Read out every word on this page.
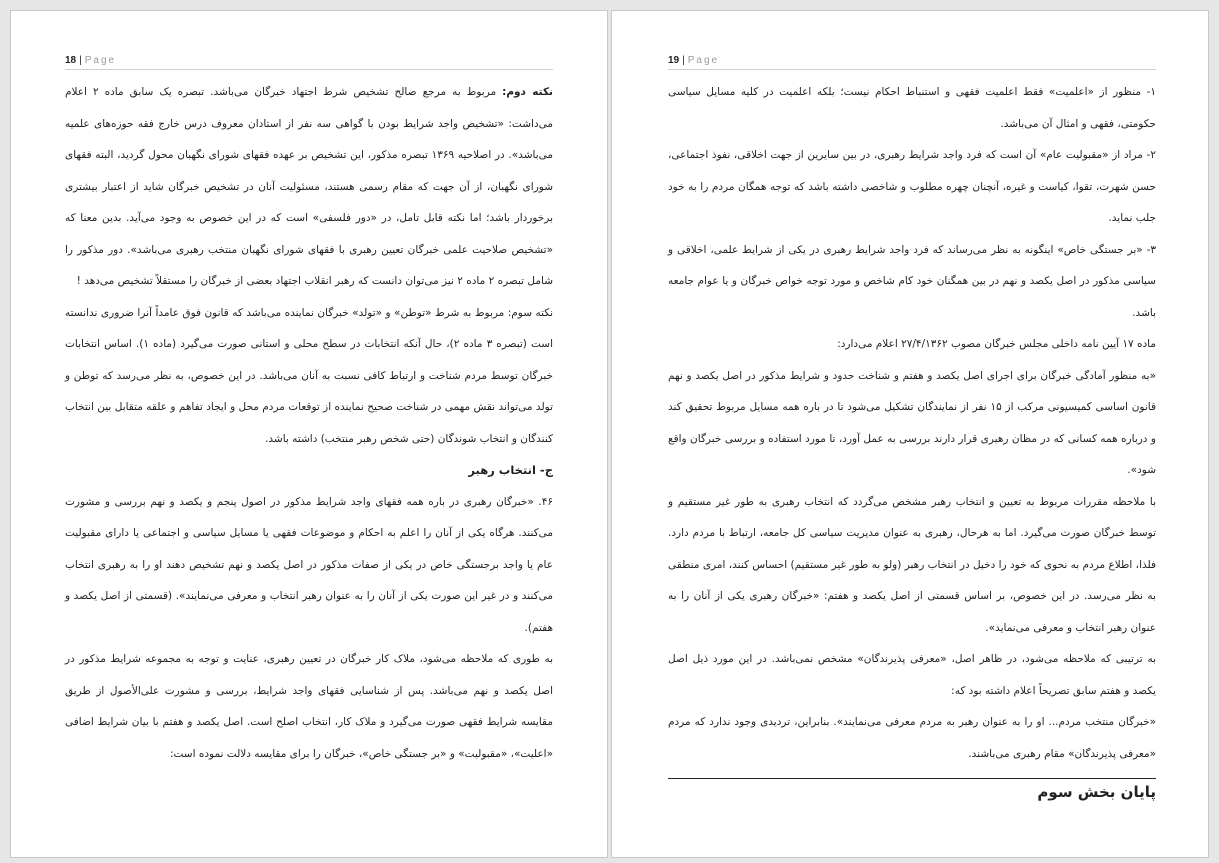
18 | Page

نکته دوم: مربوط به مرجع صالح تشخیص شرط اجتهاد خبرگان می‌باشد. تبصره یک سابق ماده ۲ اعلام می‌داشت: «تشخیص واجد شرایط بودن با گواهی سه نفر از استادان معروف درس خارج فقه حوزه‌های علمیه می‌باشد». در اصلاحیه ۱۳۶۹ تبصره مذکور، این تشخیص بر عهده فقهای شورای نگهبان محول گردید، البته فقهای شورای نگهبان، از آن جهت که مقام رسمی هستند، مسئولیت آنان در تشخیص خبرگان شاید از اعتبار بیشتری برخوردار باشد؛ اما نکته قابل تامل، در «دور فلسفی» است که در این خصوص به وجود می‌آید. بدین معنا که «تشخیص صلاحیت علمی خبرگان تعیین رهبری با فقهای شورای نگهبان منتخب رهبری می‌باشد». دور مذکور را شامل تبصره ۲ ماده ۲ نیز می‌توان دانست که رهبر انقلاب اجتهاد بعضی از خبرگان را مستقلاً تشخیص می‌دهد !

نکته سوم: مربوط به شرط «توطن» و «تولد» خبرگان نماینده می‌باشد که قانون فوق عامداً آنرا ضروری ندانسته است (تبصره ۳ ماده ۲)، حال آنکه انتخابات در سطح محلی و استانی صورت می‌گیرد (ماده ۱). اساس انتخابات خبرگان توسط مردم شناخت و ارتباط کافی نسبت به آنان می‌باشد. در این خصوص، به نظر می‌رسد که توطن و تولد می‌تواند نقش مهمی در شناخت صحیح نماینده از توقعات مردم محل و ایجاد تفاهم و علقه متقابل بین انتخاب کنندگان و انتخاب شوندگان (حتی شخص رهبر منتخب) داشته باشد.

ج- انتخاب رهبر

۴۶. «خبرگان رهبری در باره همه فقهای واجد شرایط مذکور در اصول پنجم و یکصد و نهم بررسی و مشورت می‌کنند. هرگاه یکی از آنان را اعلم به احکام و موضوعات فقهی یا مسایل سیاسی و اجتماعی یا دارای مقبولیت عام یا واجد برجستگی خاص در یکی از صفات مذکور در اصل یکصد و نهم تشخیص دهند او را به رهبری انتخاب می‌کنند و در غیر این صورت یکی از آنان را به عنوان رهبر انتخاب و معرفی می‌نمایند». (قسمتی از اصل یکصد و هفتم).

به طوری که ملاحظه می‌شود، ملاک کار خبرگان در تعیین رهبری، عنایت و توجه به مجموعه شرایط مذکور در اصل یکصد و نهم می‌باشد. پس از شناسایی فقهای واجد شرایط، بررسی و مشورت علی‌الأصول از طریق مقایسه شرایط فقهی صورت می‌گیرد و ملاک کار، انتخاب اصلح است. اصل یکصد و هفتم با بیان شرایط اضافی «اعلیت»، «مقبولیت» و «بر جستگی خاص»، خبرگان را برای مقایسه دلالت نموده است:

19 | Page

۱- منظور از «اعلمیت» فقط اعلمیت فقهی و استنباط احکام نیست؛ بلکه اعلمیت در کلیه مسایل سیاسی حکومتی، فقهی و امثال آن می‌باشد.

۲- مراد از «مقبولیت عام» آن است که فرد واجد شرایط رهبری، در بین سایرین از جهت اخلاقی، نفوذ اجتماعی، حسن شهرت، تقوا، کیاست و غیره، آنچنان چهره مطلوب و شاخصی داشته باشد که توجه همگان مردم را به خود جلب نماید.

۳- «بر جستگی خاص» اینگونه به نظر می‌رساند که فرد واجد شرایط رهبری در یکی از شرایط علمی، اخلاقی و سیاسی مذکور در اصل یکصد و نهم در بین همگنان خود کام شاخص و مورد توجه خواص خبرگان و یا عوام جامعه باشد.

ماده ۱۷ آیین نامه داخلی مجلس خبرگان مصوب ۲۷/۴/۱۳۶۲ اعلام می‌دارد:

«به منظور آمادگی خبرگان برای اجرای اصل یکصد و هفتم و شناخت حدود و شرایط مذکور در اصل یکصد و نهم قانون اساسی کمیسیونی مرکب از ۱۵ نفر از نمایندگان تشکیل می‌شود تا در باره همه مسایل مربوط تحقیق کند و درباره همه کسانی که در مظان رهبری قرار دارند بررسی به عمل آورد، تا مورد استفاده و بررسی خبرگان واقع شود».

با ملاحظه مقررات مربوط به تعیین و انتخاب رهبر مشخص می‌گردد که انتخاب رهبری به طور غیر مستقیم و توسط خبرگان صورت می‌گیرد. اما به هرحال، رهبری به عنوان مدیریت سیاسی کل جامعه، ارتباط با مردم دارد. فلذا، اطلاع مردم به نحوی که خود را دخیل در انتخاب رهبر (ولو به طور غیر مستقیم) احساس کنند، امری منطقی به نظر می‌رسد. در این خصوص، بر اساس قسمتی از اصل یکصد و هفتم: «خبرگان رهبری یکی از آنان را به عنوان رهبر انتخاب و معرفی می‌نماید».

به ترتیبی که ملاحظه می‌شود، در ظاهر اصل، «معرفی پذیرندگان» مشخص نمی‌باشد. در این مورد ذیل اصل یکصد و هفتم سابق تصریحاً اعلام داشته بود که:

«خبرگان منتخب مردم... او را به عنوان رهبر به مردم معرفی می‌نمایند». بنابراین، تردیدی وجود ندارد که مردم «معرفی پذیرندگان» مقام رهبری می‌باشند.

پایان بخش سوم
